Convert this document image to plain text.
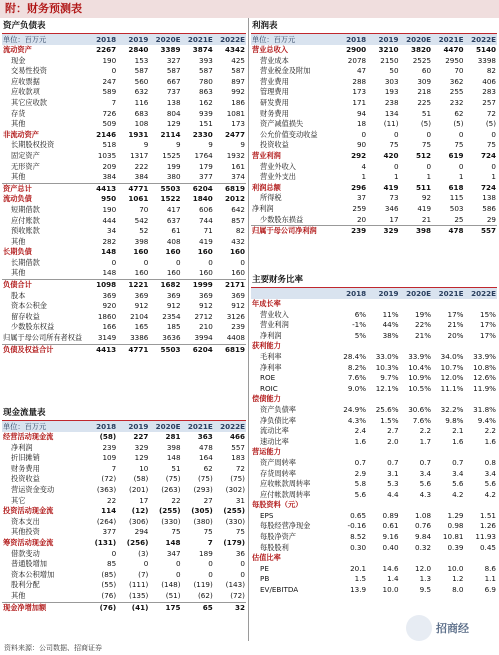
附：财务预测表
资产负债表
单位：百万元	2018	2019	2020E	2021E	2022E
流动资产	2267	2840	3389	3874	4342
现金	190	153	327	393	425
交易性投资	0	587	587	587	587
应收票据	247	560	667	780	897
应收款项	589	632	737	863	992
其它应收款	7	116	138	162	186
存货	726	683	804	939	1081
其他	509	108	129	151	173
非流动资产	2146	1931	2114	2330	2477
长期股权投资	518	9	9	9	9
固定资产	1035	1317	1525	1764	1932
无形资产	209	222	199	179	161
其他	384	384	380	377	374
资产总计	4413	4771	5503	6204	6819
流动负债	950	1061	1522	1840	2012
短期借款	190	70	417	606	642
应付账款	444	542	637	744	857
预收账款	34	52	61	71	82
其他	282	398	408	419	432
长期负债	148	160	160	160	160
长期借款	0	0	0	0	0
其他	148	160	160	160	160
负债合计	1098	1221	1682	1999	2171
股本	369	369	369	369	369
资本公积金	920	912	912	912	912
留存收益	1860	2104	2354	2712	3126
少数股东权益	166	165	185	210	239
归属于母公司所有者权益	3149	3386	3636	3994	4408
负债及权益合计	4413	4771	5503	6204	6819
现金流量表
单位：百万元	2018	2019	2020E	2021E	2022E
经营活动现金流	(58)	227	281	363	466
净利润	239	329	398	478	557
折旧摊销	109	129	148	164	183
财务费用	7	10	51	62	72
投资收益	(72)	(58)	(75)	(75)	(75)
营运资金变动	(363)	(201)	(263)	(293)	(302)
其它	22	17	22	27	31
投资活动现金流	114	(12)	(255)	(305)	(255)
资本支出	(264)	(306)	(330)	(380)	(330)
其他投资	377	294	75	75	75
筹资活动现金流	(131)	(256)	148	7	(179)
借款变动	0	(3)	347	189	36
普通股增加	85	0	0	0	0
资本公积增加	(85)	(7)	0	0	0
股利分配	(55)	(111)	(148)	(119)	(143)
其他	(76)	(135)	(51)	(62)	(72)
现金净增加额	(76)	(41)	175	65	32
利润表
单位：百万元	2018	2019	2020E	2021E	2022E
营业总收入	2900	3210	3820	4470	5140
营业成本	2078	2150	2525	2950	3398
营业税金及附加	47	50	60	70	82
营业费用	288	303	309	362	406
管理费用	173	193	218	255	283
研发费用	171	238	225	232	257
财务费用	94	134	51	62	72
资产减值损失	18	(11)	(5)	(5)	(5)
公允价值变动收益	0	0	0	0	0
投资收益	90	75	75	75	75
营业利润	292	420	512	619	724
营业外收入	4	0	0	0	0
营业外支出	1	1	1	1	1
利润总额	296	419	511	618	724
所得税	37	73	92	115	138
净利润	259	346	419	503	586
少数股东损益	20	17	21	25	29
归属于母公司净利润	239	329	398	478	557
主要财务比率
	2018	2019	2020E	2021E	2022E
年成长率					
营业收入	6%	11%	19%	17%	15%
营业利润	-1%	44%	22%	21%	17%
净利润	5%	38%	21%	20%	17%
获利能力					
毛利率	28.4%	33.0%	33.9%	34.0%	33.9%
净利率	8.2%	10.3%	10.4%	10.7%	10.8%
ROE	7.6%	9.7%	10.9%	12.0%	12.6%
ROIC	9.0%	12.1%	10.5%	11.1%	11.9%
偿债能力					
资产负债率	24.9%	25.6%	30.6%	32.2%	31.8%
净负债比率	4.3%	1.5%	7.6%	9.8%	9.4%
流动比率	2.4	2.7	2.2	2.1	2.2
速动比率	1.6	2.0	1.7	1.6	1.6
营运能力					
资产周转率	0.7	0.7	0.7	0.7	0.8
存货周转率	2.9	3.1	3.4	3.4	3.4
应收帐款周转率	5.8	5.3	5.6	5.6	5.6
应付帐款周转率	5.6	4.4	4.3	4.2	4.2
每股资料（元）					
EPS	0.65	0.89	1.08	1.29	1.51
每股经营净现金	-0.16	0.61	0.76	0.98	1.26
每股净资产	8.52	9.16	9.84	10.81	11.93
每股股利	0.30	0.40	0.32	0.39	0.45
估值比率					
PE	20.1	14.6	12.0	10.0	8.6
PB	1.5	1.4	1.3	1.2	1.1
EV/EBITDA	13.9	10.0	9.5	8.0	6.9
资料来源：公司数据、招商证券
招商经
